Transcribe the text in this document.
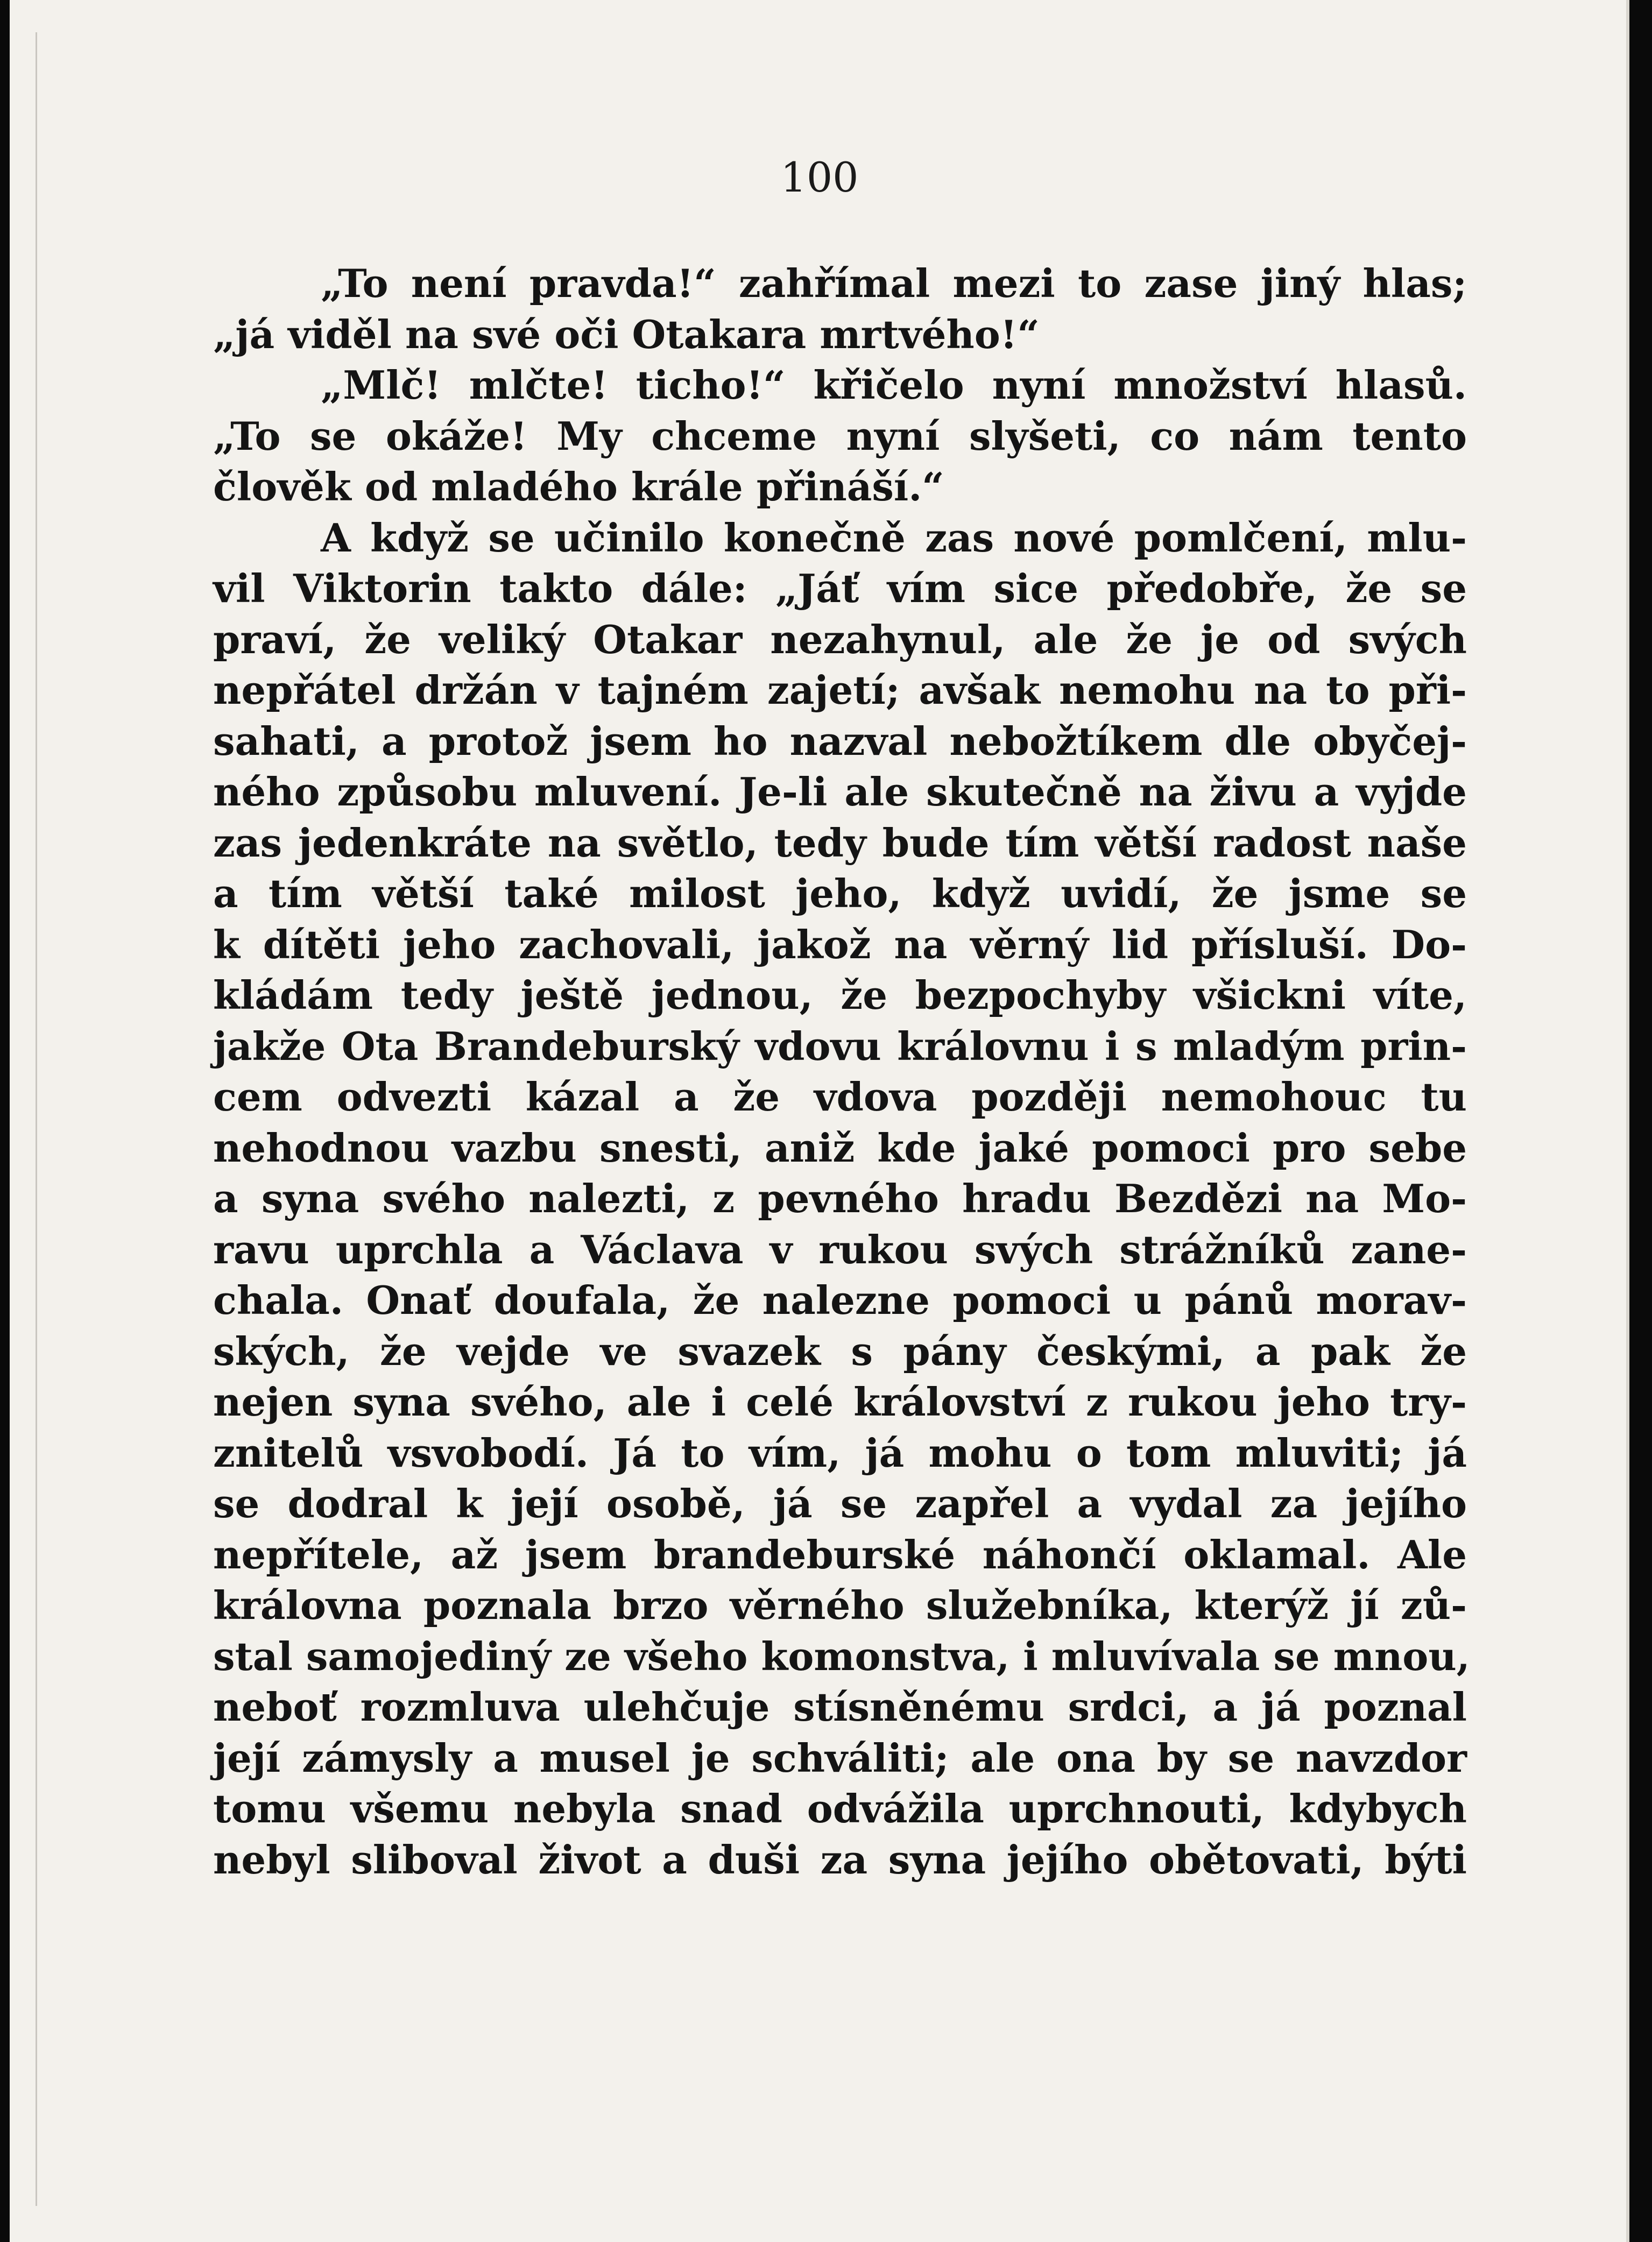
100
„To není pravda!“ zahřímal mezi to zase jiný hlas;
„já viděl na své oči Otakara mrtvého!“
„Mlč! mlčte! ticho!“ křičelo nyní množství hlasů.
„To se okáže! My chceme nyní slyšeti, co nám tento
člověk od mladého krále přináší.“
A když se učinilo konečně zas nové pomlčení, mlu-
vil Viktorin takto dále: „Jáť vím sice předobře, že se
praví, že veliký Otakar nezahynul, ale že je od svých
nepřátel držán v tajném zajetí; avšak nemohu na to při-
sahati, a protož jsem ho nazval nebožtíkem dle obyčej-
ného způsobu mluvení. Je-li ale skutečně na živu a vyjde
zas jedenkráte na světlo, tedy bude tím větší radost naše
a tím větší také milost jeho, když uvidí, že jsme se
k dítěti jeho zachovali, jakož na věrný lid přísluší. Do-
kládám tedy ještě jednou, že bezpochyby všickni víte,
jakže Ota Brandeburský vdovu královnu i s mladým prin-
cem odvezti kázal a že vdova později nemohouc tu
nehodnou vazbu snesti, aniž kde jaké pomoci pro sebe
a syna svého nalezti, z pevného hradu Bezdězi na Mo-
ravu uprchla a Václava v rukou svých strážníků zane-
chala. Onať doufala, že nalezne pomoci u pánů morav-
ských, že vejde ve svazek s pány českými, a pak že
nejen syna svého, ale i celé království z rukou jeho try-
znitelů vsvobodí. Já to vím, já mohu o tom mluviti; já
se dodral k její osobě, já se zapřel a vydal za jejího
nepřítele, až jsem brandeburské náhončí oklamal. Ale
královna poznala brzo věrného služebníka, kterýž jí zů-
stal samojediný ze všeho komonstva, i mluvívala se mnou,
neboť rozmluva ulehčuje stísněnému srdci, a já poznal
její zámysly a musel je schváliti; ale ona by se navzdor
tomu všemu nebyla snad odvážila uprchnouti, kdybych
nebyl sliboval život a duši za syna jejího obětovati, býti
